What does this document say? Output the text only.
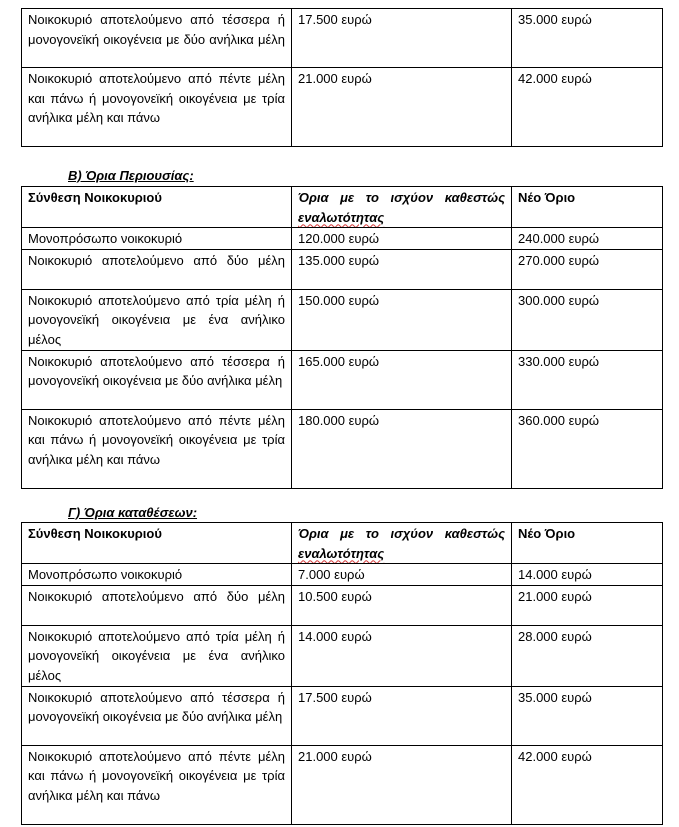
Νοικοκυριό αποτελούμενο από τέσσερα ή μονογονεϊκή οικογένεια με δύο ανήλικα μέλη	17.500 ευρώ	35.000 ευρώ
Νοικοκυριό αποτελούμενο από πέντε μέλη και πάνω ή μονογονεϊκή οικογένεια με τρία ανήλικα μέλη και πάνω	21.000 ευρώ	42.000 ευρώ
Β) Όρια Περιουσίας:
Σύνθεση Νοικοκυριού	Όρια με το ισχύον καθεστώς εναλωτότητας	Νέο Όριο
Μονοπρόσωπο νοικοκυριό	120.000 ευρώ	240.000 ευρώ
Νοικοκυριό αποτελούμενο από δύο μέλη	135.000 ευρώ	270.000 ευρώ
Νοικοκυριό αποτελούμενο από τρία μέλη ή μονογονεϊκή οικογένεια με ένα ανήλικο μέλος	150.000 ευρώ	300.000 ευρώ
Νοικοκυριό αποτελούμενο από τέσσερα ή μονογονεϊκή οικογένεια με δύο ανήλικα μέλη	165.000 ευρώ	330.000 ευρώ
Νοικοκυριό αποτελούμενο από πέντε μέλη και πάνω ή μονογονεϊκή οικογένεια με τρία ανήλικα μέλη και πάνω	180.000 ευρώ	360.000 ευρώ
Γ) Όρια καταθέσεων:
Σύνθεση Νοικοκυριού	Όρια με το ισχύον καθεστώς εναλωτότητας	Νέο Όριο
Μονοπρόσωπο νοικοκυριό	7.000 ευρώ	14.000 ευρώ
Νοικοκυριό αποτελούμενο από δύο μέλη	10.500 ευρώ	21.000 ευρώ
Νοικοκυριό αποτελούμενο από τρία μέλη ή μονογονεϊκή οικογένεια με ένα ανήλικο μέλος	14.000 ευρώ	28.000 ευρώ
Νοικοκυριό αποτελούμενο από τέσσερα ή μονογονεϊκή οικογένεια με δύο ανήλικα μέλη	17.500 ευρώ	35.000 ευρώ
Νοικοκυριό αποτελούμενο από πέντε μέλη και πάνω ή μονογονεϊκή οικογένεια με τρία ανήλικα μέλη και πάνω	21.000 ευρώ	42.000 ευρώ
